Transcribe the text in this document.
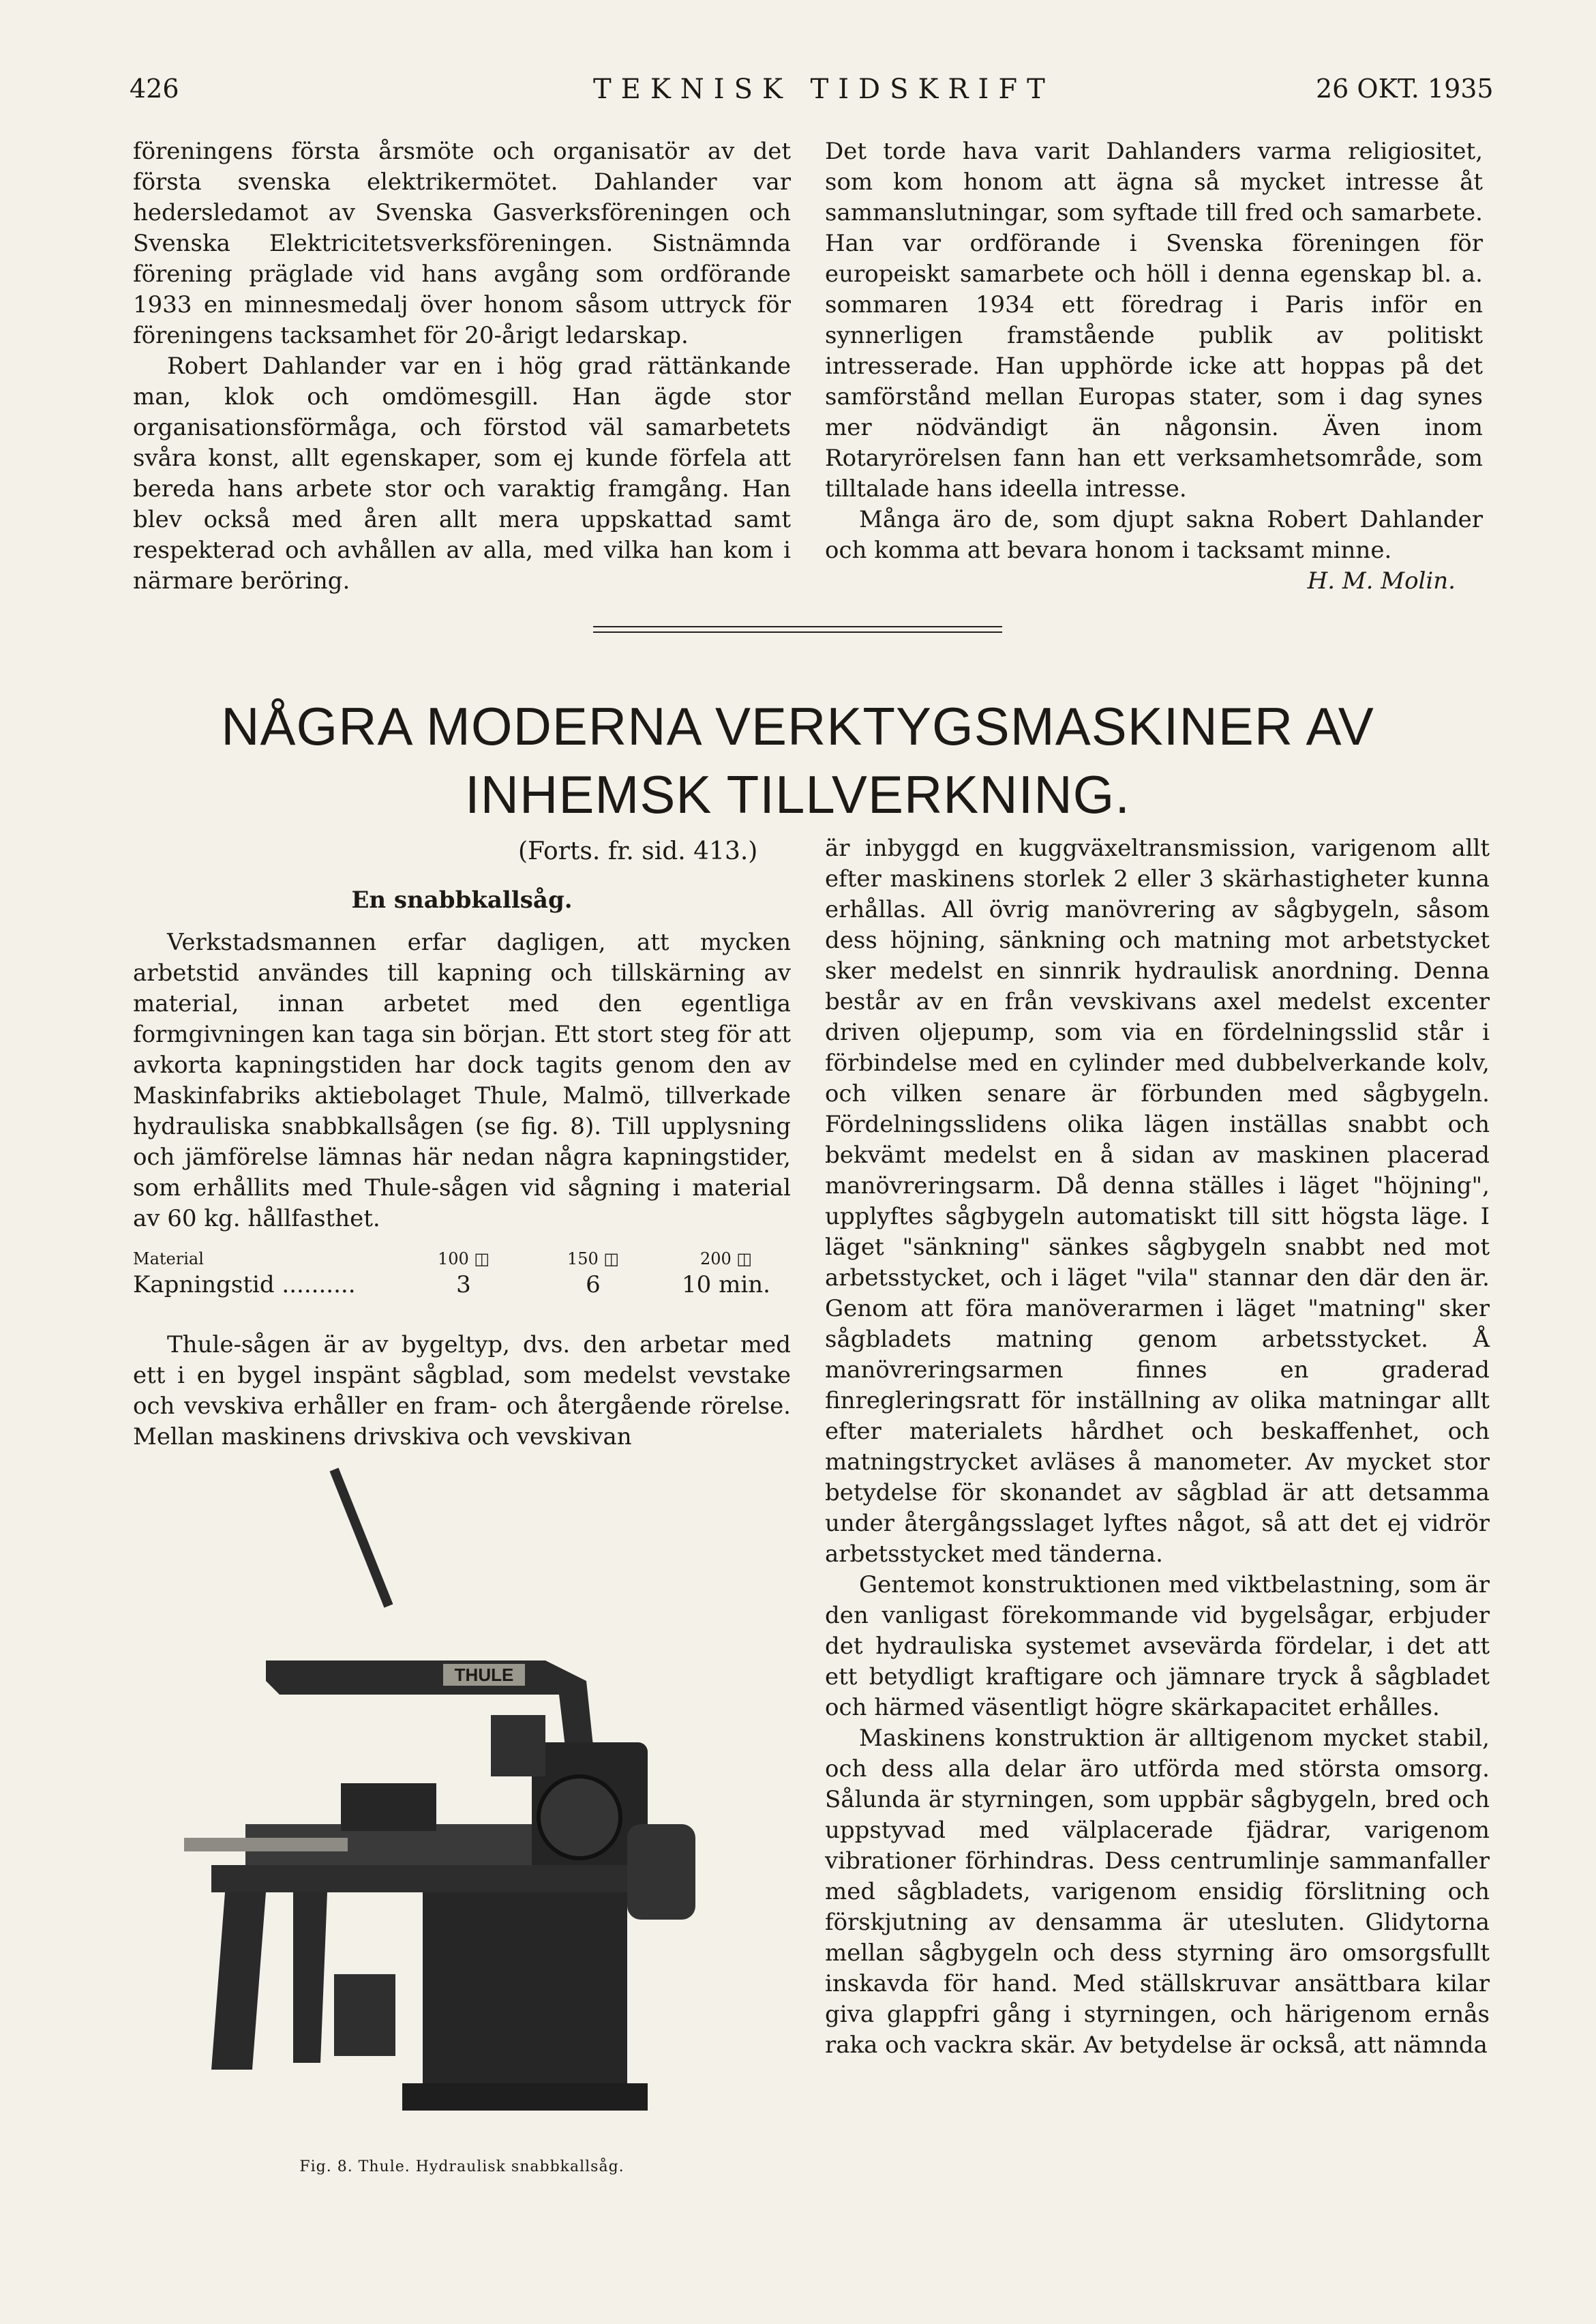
426	TEKNISK TIDSKRIFT	26 OKT. 1935

föreningens första årsmöte och organisatör av det första svenska elektrikermötet. Dahlander var hedersledamot av Svenska Gasverksföreningen och Svenska Elektricitetsverksföreningen. Sistnämnda förening präglade vid hans avgång som ordförande 1933 en minnesmedalj över honom såsom uttryck för föreningens tacksamhet för 20-årigt ledarskap.

Robert Dahlander var en i hög grad rättänkande man, klok och omdömesgill. Han ägde stor organisationsförmåga, och förstod väl samarbetets svåra konst, allt egenskaper, som ej kunde förfela att bereda hans arbete stor och varaktig framgång. Han blev också med åren allt mera uppskattad samt respekterad och avhållen av alla, med vilka han kom i närmare beröring.

Det torde hava varit Dahlanders varma religiositet, som kom honom att ägna så mycket intresse åt sammanslutningar, som syftade till fred och samarbete. Han var ordförande i Svenska föreningen för europeiskt samarbete och höll i denna egenskap bl. a. sommaren 1934 ett föredrag i Paris inför en synnerligen framstående publik av politiskt intresserade. Han upphörde icke att hoppas på det samförstånd mellan Europas stater, som i dag synes mer nödvändigt än någonsin. Även inom Rotaryrörelsen fann han ett verksamhetsområde, som tilltalade hans ideella intresse.

Många äro de, som djupt sakna Robert Dahlander och komma att bevara honom i tacksamt minne.

H. M. Molin.

NÅGRA MODERNA VERKTYGSMASKINER AV
INHEMSK TILLVERKNING.
(Forts. fr. sid. 413.)
En snabbkallsåg.

Verkstadsmannen erfar dagligen, att mycken arbetstid användes till kapning och tillskärning av material, innan arbetet med den egentliga formgivningen kan taga sin början. Ett stort steg för att avkorta kapningstiden har dock tagits genom den av Maskinfabriks aktiebolaget Thule, Malmö, tillverkade hydrauliska snabbkallsågen (se fig. 8). Till upplysning och jämförelse lämnas här nedan några kapningstider, som erhållits med Thule-sågen vid sågning i material av 60 kg. hållfasthet.

Material	100 ◫	150 ◫	200 ◫
Kapningstid ..........	3	6	10 min.

Thule-sågen är av bygeltyp, dvs. den arbetar med ett i en bygel inspänt sågblad, som medelst vevstake och vevskiva erhåller en fram- och återgående rörelse. Mellan maskinens drivskiva och vevskivan

är inbyggd en kuggväxeltransmission, varigenom allt efter maskinens storlek 2 eller 3 skärhastigheter kunna erhållas. All övrig manövrering av sågbygeln, såsom dess höjning, sänkning och matning mot arbetstycket sker medelst en sinnrik hydraulisk anordning. Denna består av en från vevskivans axel medelst excenter driven oljepump, som via en fördelningsslid står i förbindelse med en cylinder med dubbelverkande kolv, och vilken senare är förbunden med sågbygeln. Fördelningsslidens olika lägen inställas snabbt och bekvämt medelst en å sidan av maskinen placerad manövreringsarm. Då denna ställes i läget "höjning", upplyftes sågbygeln automatiskt till sitt högsta läge. I läget "sänkning" sänkes sågbygeln snabbt ned mot arbetsstycket, och i läget "vila" stannar den där den är. Genom att föra manöverarmen i läget "matning" sker sågbladets matning genom arbetsstycket. Å manövreringsarmen finnes en graderad finregleringsratt för inställning av olika matningar allt efter materialets hårdhet och beskaffenhet, och matningstrycket avläses å manometer. Av mycket stor betydelse för skonandet av sågblad är att detsamma under återgångsslaget lyftes något, så att det ej vidrör arbetsstycket med tänderna.

Gentemot konstruktionen med viktbelastning, som är den vanligast förekommande vid bygelsågar, erbjuder det hydrauliska systemet avsevärda fördelar, i det att ett betydligt kraftigare och jämnare tryck å sågbladet och härmed väsentligt högre skärkapacitet erhålles.

Maskinens konstruktion är alltigenom mycket stabil, och dess alla delar äro utförda med största omsorg. Sålunda är styrningen, som uppbär sågbygeln, bred och uppstyvad med välplacerade fjädrar, varigenom vibrationer förhindras. Dess centrumlinje sammanfaller med sågbladets, varigenom ensidig förslitning och förskjutning av densamma är utesluten. Glidytorna mellan sågbygeln och dess styrning äro omsorgsfullt inskavda för hand. Med ställskruvar ansättbara kilar giva glappfri gång i styrningen, och härigenom ernås raka och vackra skär. Av betydelse är också, att nämnda

THULE
Fig. 8. Thule. Hydraulisk snabbkallsåg.
